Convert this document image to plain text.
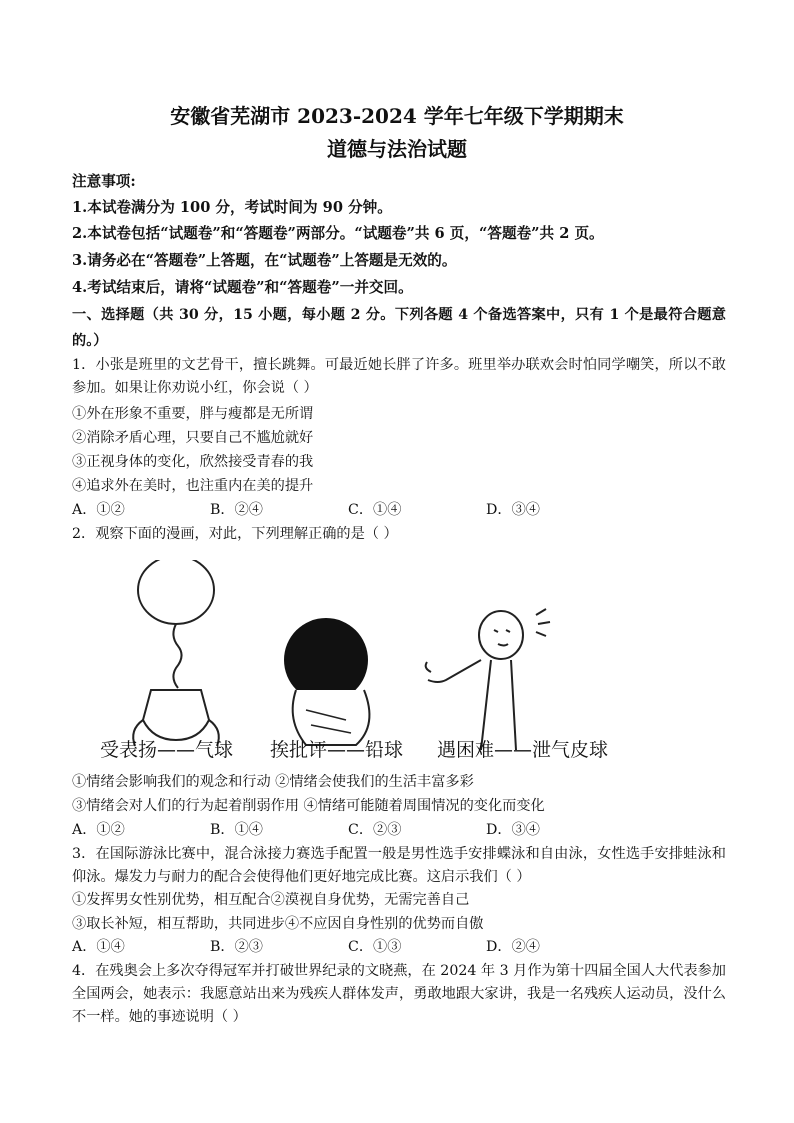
安徽省芜湖市 2023-2024 学年七年级下学期期末
道德与法治试题
注意事项:
1.本试卷满分为 100 分，考试时间为 90 分钟。
2.本试卷包括“试题卷”和“答题卷”两部分。“试题卷”共 6 页，“答题卷”共 2 页。
3.请务必在“答题卷”上答题，在“试题卷”上答题是无效的。
4.考试结束后，请将“试题卷”和“答题卷”一并交回。
一、选择题（共 30 分，15 小题，每小题 2 分。下列各题 4 个备选答案中，只有 1 个是最符合题意的。）
1．小张是班里的文艺骨干，擅长跳舞。可最近她长胖了许多。班里举办联欢会时怕同学嘲笑，所以不敢参加。如果让你劝说小红，你会说（ ）
①外在形象不重要，胖与瘦都是无所谓
②消除矛盾心理，只要自己不尴尬就好
③正视身体的变化，欣然接受青春的我
④追求外在美时，也注重内在美的提升
A．①②	B．②④	C．①④	D．③④
2．观察下面的漫画，对此，下列理解正确的是（ ）
受表扬——气球 挨批评——铅球 遇困难——泄气皮球
①情绪会影响我们的观念和行动 ②情绪会使我们的生活丰富多彩
③情绪会对人们的行为起着削弱作用 ④情绪可能随着周围情况的变化而变化
A．①②	B．①④	C．②③	D．③④
3．在国际游泳比赛中，混合泳接力赛选手配置一般是男性选手安排蝶泳和自由泳，女性选手安排蛙泳和仰泳。爆发力与耐力的配合会使得他们更好地完成比赛。这启示我们（ ）
①发挥男女性别优势，相互配合②漠视自身优势，无需完善自己
③取长补短，相互帮助，共同进步④不应因自身性别的优势而自傲
A．①④	B．②③	C．①③	D．②④
4．在残奥会上多次夺得冠军并打破世界纪录的文晓燕，在 2024 年 3 月作为第十四届全国人大代表参加全国两会，她表示：我愿意站出来为残疾人群体发声，勇敢地跟大家讲，我是一名残疾人运动员，没什么不一样。她的事迹说明（ ）
